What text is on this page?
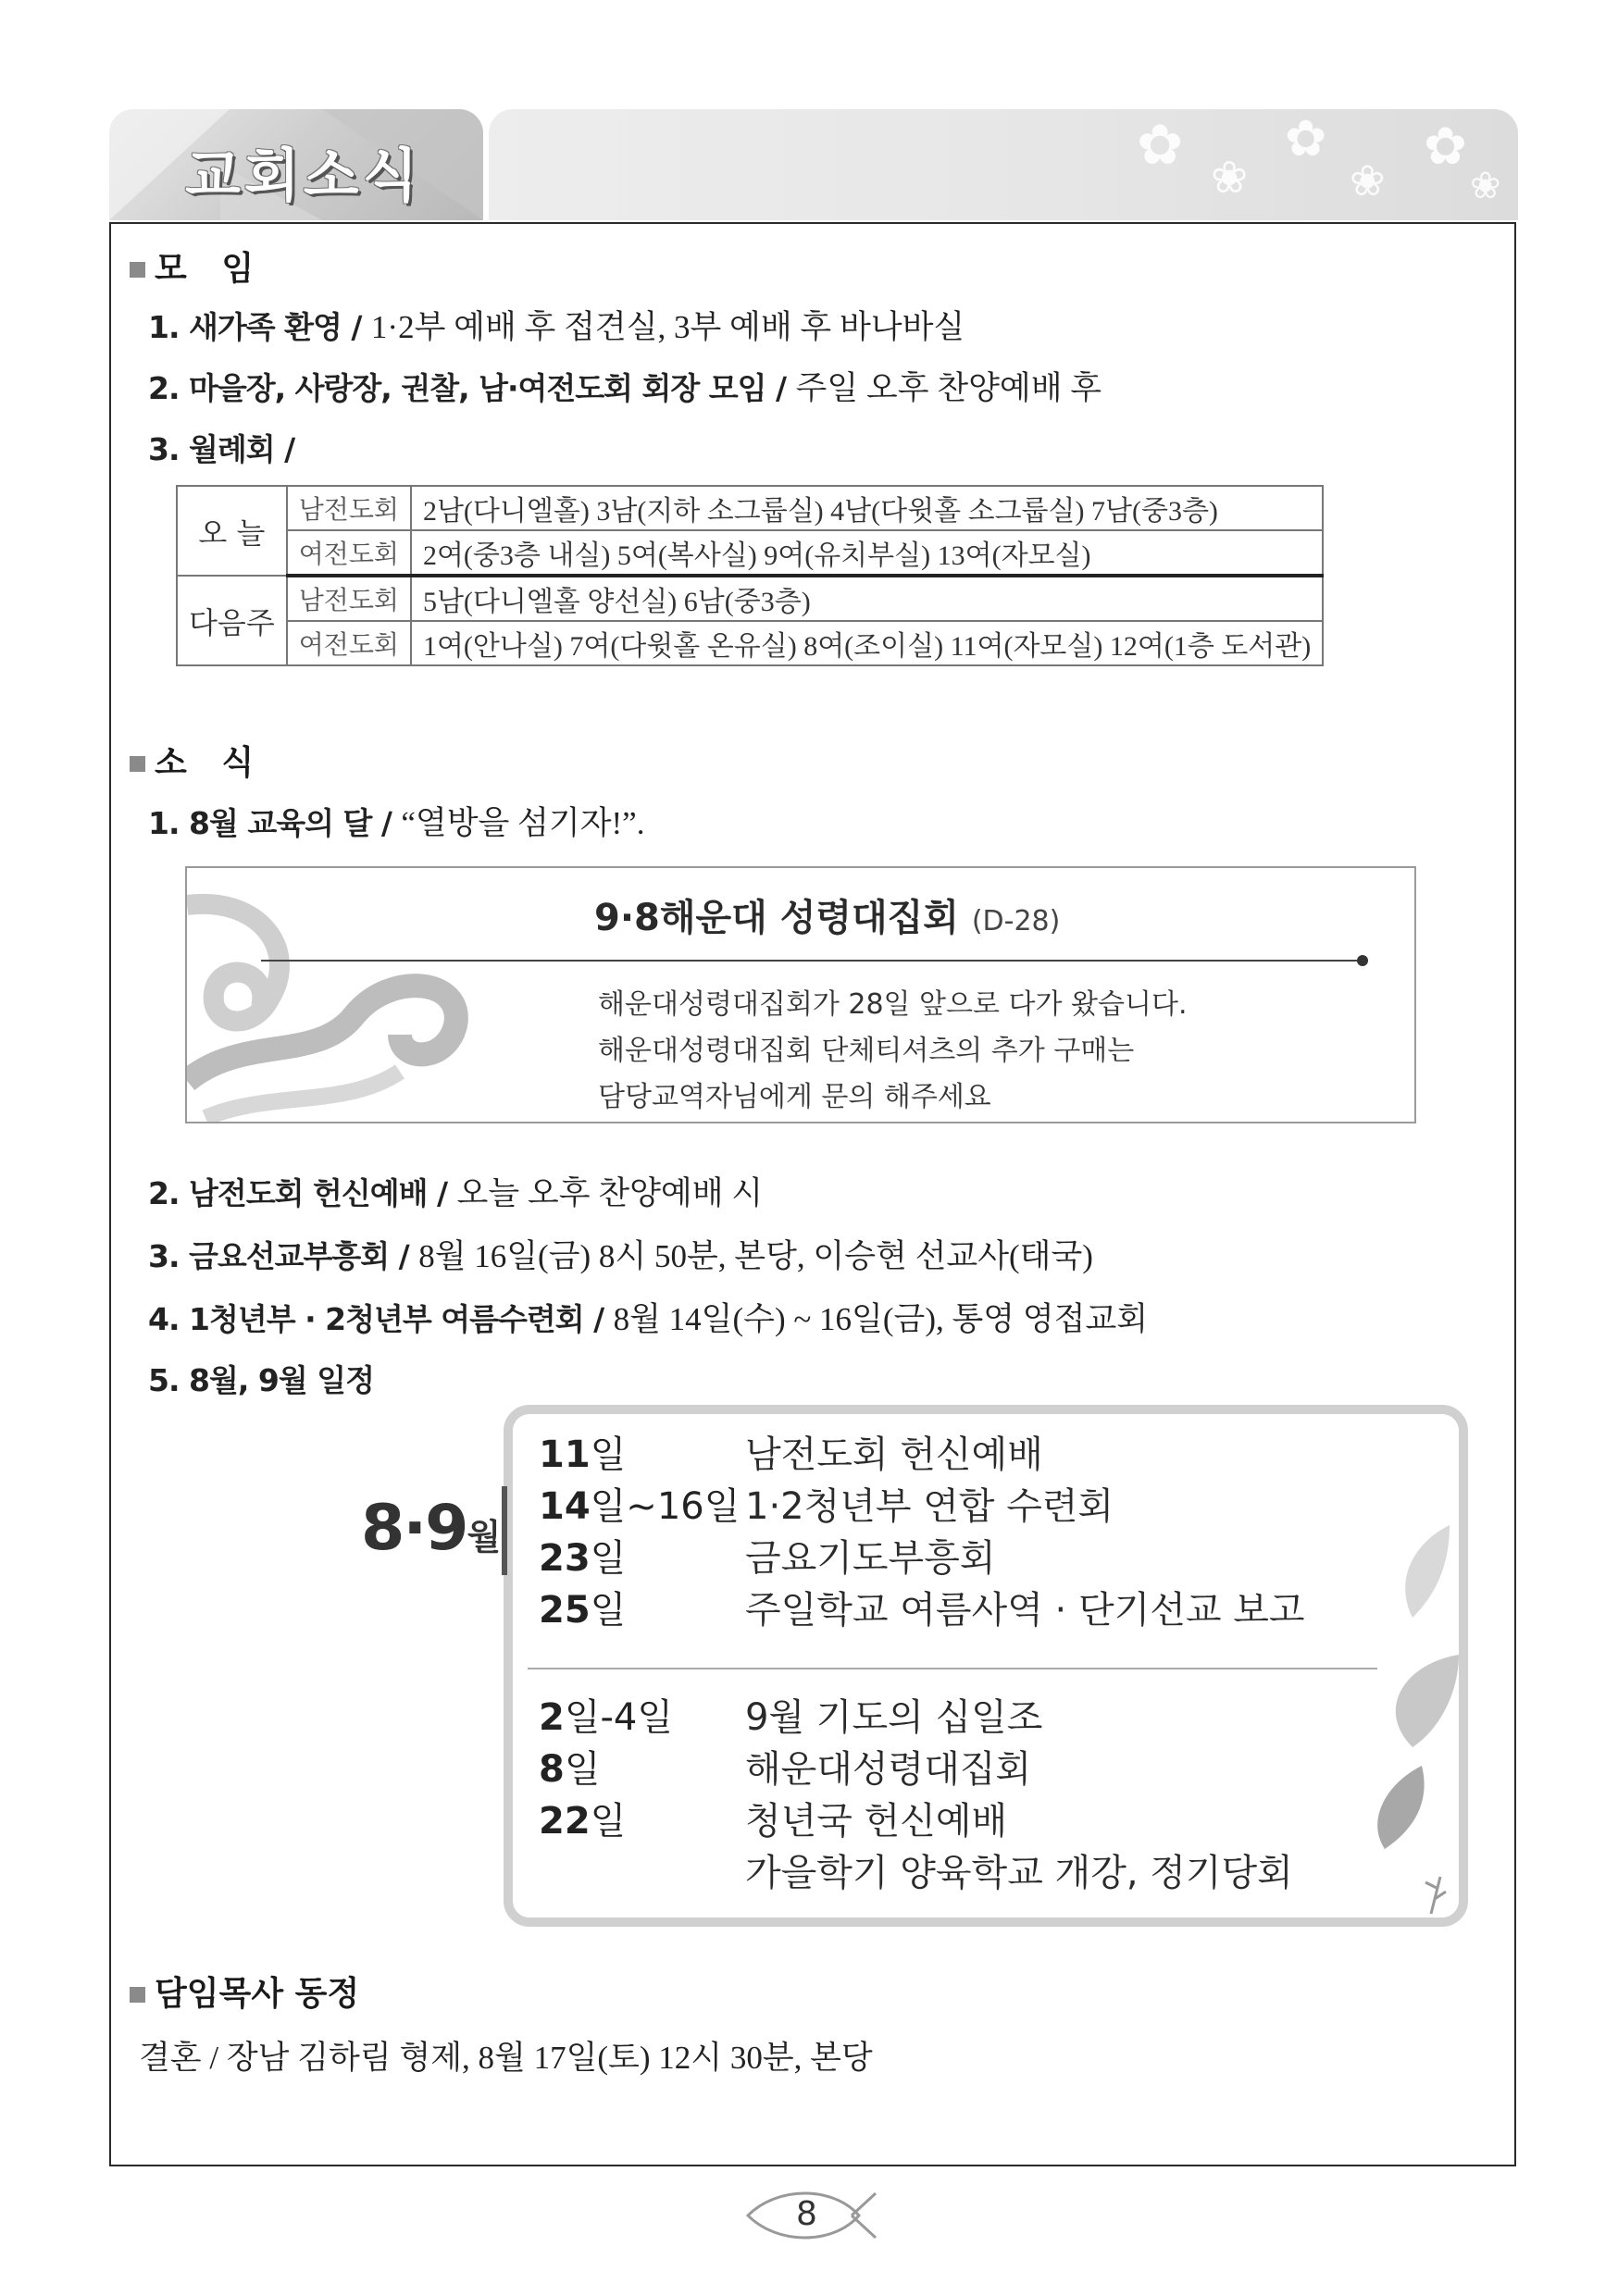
교회소식	✿ ❀
✿
❀
✿
❀
모   임
1. 새가족 환영 / 1·2부 예배 후 접견실, 3부 예배 후 바나바실
2. 마을장, 사랑장, 권찰, 남·여전도회 회장 모임 / 주일 오후 찬양예배 후
3. 월례회 /
오 늘	남전도회	2남(다니엘홀) 3남(지하 소그룹실) 4남(다윗홀 소그룹실) 7남(중3층)
	여전도회	2여(중3층 내실) 5여(복사실) 9여(유치부실) 13여(자모실)
다음주	남전도회	5남(다니엘홀 양선실) 6남(중3층)
	여전도회	1여(안나실) 7여(다윗홀 온유실) 8여(조이실) 11여(자모실) 12여(1층 도서관)
소   식
1. 8월 교육의 달 / “열방을 섬기자!”.
9·8해운대 성령대집회 (D-28)
해운대성령대집회가 28일 앞으로 다가 왔습니다.
해운대성령대집회 단체티셔츠의 추가 구매는
담당교역자님에게 문의 해주세요
2. 남전도회 헌신예배 / 오늘 오후 찬양예배 시
3. 금요선교부흥회 / 8월 16일(금) 8시 50분, 본당, 이승현 선교사(태국)
4. 1청년부 · 2청년부 여름수련회 / 8월 14일(수) ~ 16일(금), 통영 영접교회
5. 8월, 9월 일정
8·9월
11일	남전도회 헌신예배
14일~16일 1·2청년부 연합 수련회
23일	금요기도부흥회
25일	주일학교 여름사역 · 단기선교 보고
2일-4일 9월 기도의 십일조
8일	해운대성령대집회
22일	청년국 헌신예배
가을학기 양육학교 개강, 정기당회
담임목사 동정
결혼 / 장남 김하림 형제, 8월 17일(토) 12시 30분, 본당
8
